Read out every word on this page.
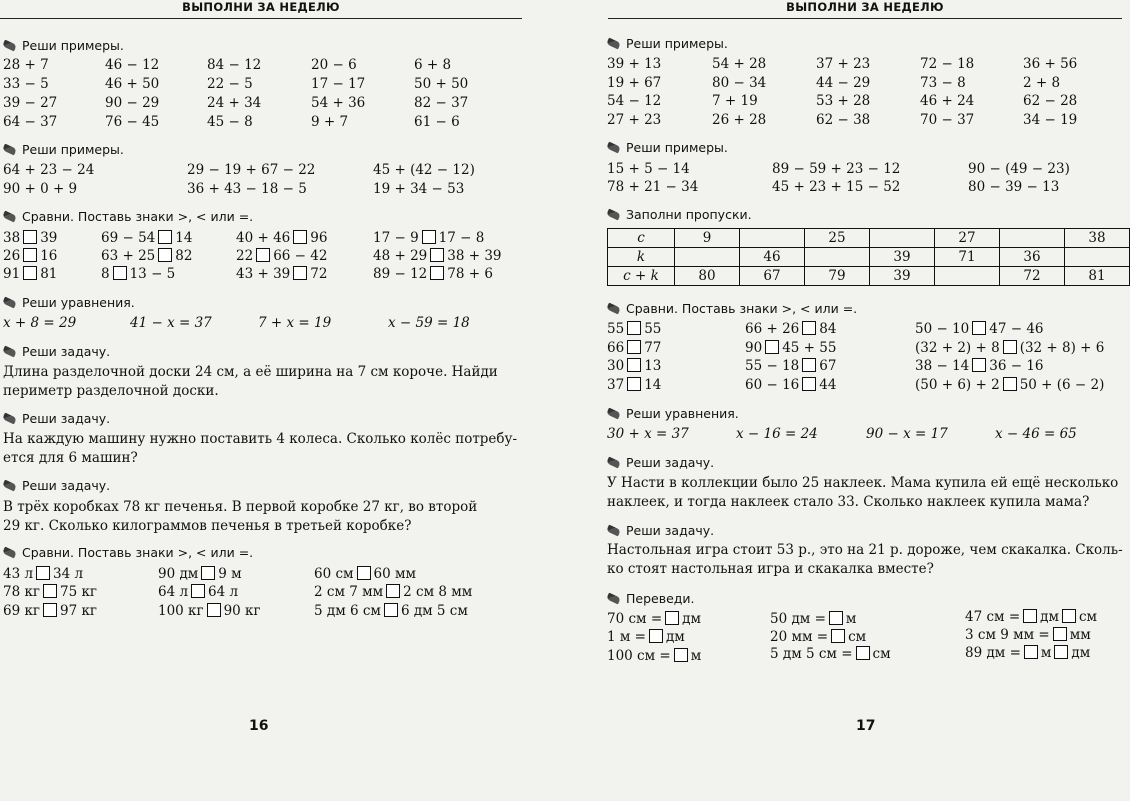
ВЫПОЛНИ ЗА НЕДЕЛЮ
Реши примеры.
28 + 7	46 − 12	84 − 12	20 − 6	6 + 8
33 − 5	46 + 50	22 − 5	17 − 17	50 + 50
39 − 27	90 − 29	24 + 34	54 + 36	82 − 37
64 − 37	76 − 45	45 − 8	9 + 7	61 − 6
Реши примеры.
64 + 23 − 24	29 − 19 + 67 − 22	45 + (42 − 12)
90 + 0 + 9	36 + 43 − 18 − 5	19 + 34 − 53
Сравни. Поставь знаки >, < или =.
38 39	69 − 54 14	40 + 46 96	17 − 9 17 − 8
26 16	63 + 25 82	22 66 − 42	48 + 29 38 + 39
91 81	8 13 − 5	43 + 39 72	89 − 12 78 + 6
Реши уравнения.
x + 8 = 29	41 − x = 37	7 + x = 19	x − 59 = 18
Реши задачу.
Длина разделочной доски 24 см, а её ширина на 7 см короче. Найди
периметр разделочной доски.
Реши задачу.
На каждую машину нужно поставить 4 колеса. Сколько колёс потребу-
ется для 6 машин?
Реши задачу.
В трёх коробках 78 кг печенья. В первой коробке 27 кг, во второй
29 кг. Сколько килограммов печенья в третьей коробке?
Сравни. Поставь знаки >, < или =.
43 л 34 л	90 дм 9 м	60 см 60 мм
78 кг 75 кг	64 л 64 л	2 см 7 мм 2 см 8 мм
69 кг 97 кг	100 кг 90 кг	5 дм 6 см 6 дм 5 см
16
ВЫПОЛНИ ЗА НЕДЕЛЮ
Реши примеры.
39 + 13	54 + 28	37 + 23	72 − 18	36 + 56
19 + 67	80 − 34	44 − 29	73 − 8	2 + 8
54 − 12	7 + 19	53 + 28	46 + 24	62 − 28
27 + 23	26 + 28	62 − 38	70 − 37	34 − 19
Реши примеры.
15 + 5 − 14	89 − 59 + 23 − 12	90 − (49 − 23)
78 + 21 − 34	45 + 23 + 15 − 52	80 − 39 − 13
Заполни пропуски.
c	9		25		27		38
k		46		39	71	36	
c + k	80	67	79	39		72	81
Сравни. Поставь знаки >, < или =.
55 55	66 + 26 84	50 − 10 47 − 46
66 77	90 45 + 55	(32 + 2) + 8 (32 + 8) + 6
30 13	55 − 18 67	38 − 14 36 − 16
37 14	60 − 16 44	(50 + 6) + 2 50 + (6 − 2)
Реши уравнения.
30 + x = 37	x − 16 = 24	90 − x = 17	x − 46 = 65
Реши задачу.
У Насти в коллекции было 25 наклеек. Мама купила ей ещё несколько
наклеек, и тогда наклеек стало 33. Сколько наклеек купила мама?
Реши задачу.
Настольная игра стоит 53 р., это на 21 р. дороже, чем скакалка. Сколь-
ко стоят настольная игра и скакалка вместе?
Переведи.
70 см = дм	50 дм = м	47 см = дм см
1 м = дм	20 мм = см	3 см 9 мм = мм
100 см = м	5 дм 5 см = см	89 дм = м дм
17
